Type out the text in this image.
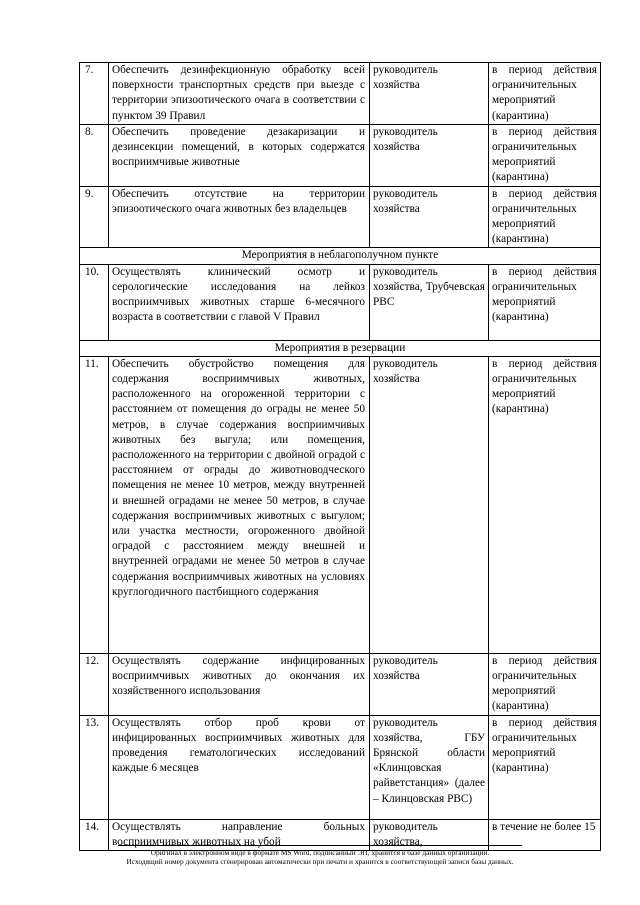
7.	Обеспечить дезинфекционную обработку всей поверхности транспортных средств при выезде с территории эпизоотического очага в соответствии с пунктом 39 Правил	руководитель хозяйства	в период действия ограничительных мероприятий (карантина)
8.	Обеспечить проведение дезакаризации и дезинсекции помещений, в которых содержатся восприимчивые животные	руководитель хозяйства	в период действия ограничительных мероприятий (карантина)
9.	Обеспечить отсутствие на территории эпизоотического очага животных без владельцев	руководитель хозяйства	в период действия ограничительных мероприятий (карантина)
Мероприятия в неблагополучном пункте			
10.	Осуществлять клинический осмотр и серологические исследования на лейкоз восприимчивых животных старше 6-месячного возраста в соответствии с главой V Правил	руководитель хозяйства, Трубчевская РВС	в период действия ограничительных мероприятий (карантина)
Мероприятия в резервации			
11.	Обеспечить обустройство помещения для содержания восприимчивых животных, расположенного на огороженной территории с расстоянием от помещения до ограды не менее 50 метров, в случае содержания восприимчивых животных без выгула; или помещения, расположенного на территории с двойной оградой с расстоянием от ограды до животноводческого помещения не менее 10 метров, между внутренней и внешней оградами не менее 50 метров, в случае содержания восприимчивых животных с выгулом; или участка местности, огороженного двойной оградой с расстоянием между внешней и внутренней оградами не менее 50 метров в случае содержания восприимчивых животных на условиях круглогодичного пастбищного содержания	руководитель хозяйства	в период действия ограничительных мероприятий (карантина)
12.	Осуществлять содержание инфицированных восприимчивых животных до окончания их хозяйственного использования	руководитель хозяйства	в период действия ограничительных мероприятий (карантина)
13.	Осуществлять отбор проб крови от инфицированных восприимчивых животных для проведения гематологических исследований каждые 6 месяцев	руководитель хозяйства, ГБУ Брянской области «Клинцовская райветстанция» (далее – Клинцовская РВС)	в период действия ограничительных мероприятий (карантина)
14.	Осуществлять направление больных восприимчивых животных на убой	руководитель хозяйства,	в течение не более 15
Оригинал в электронном виде в формате MS Word, подписанный ЭП, хранится в базе данных организации.
Исходящий номер документа сгенерирован автоматически при печати и хранится в соответствующей записи базы данных.
